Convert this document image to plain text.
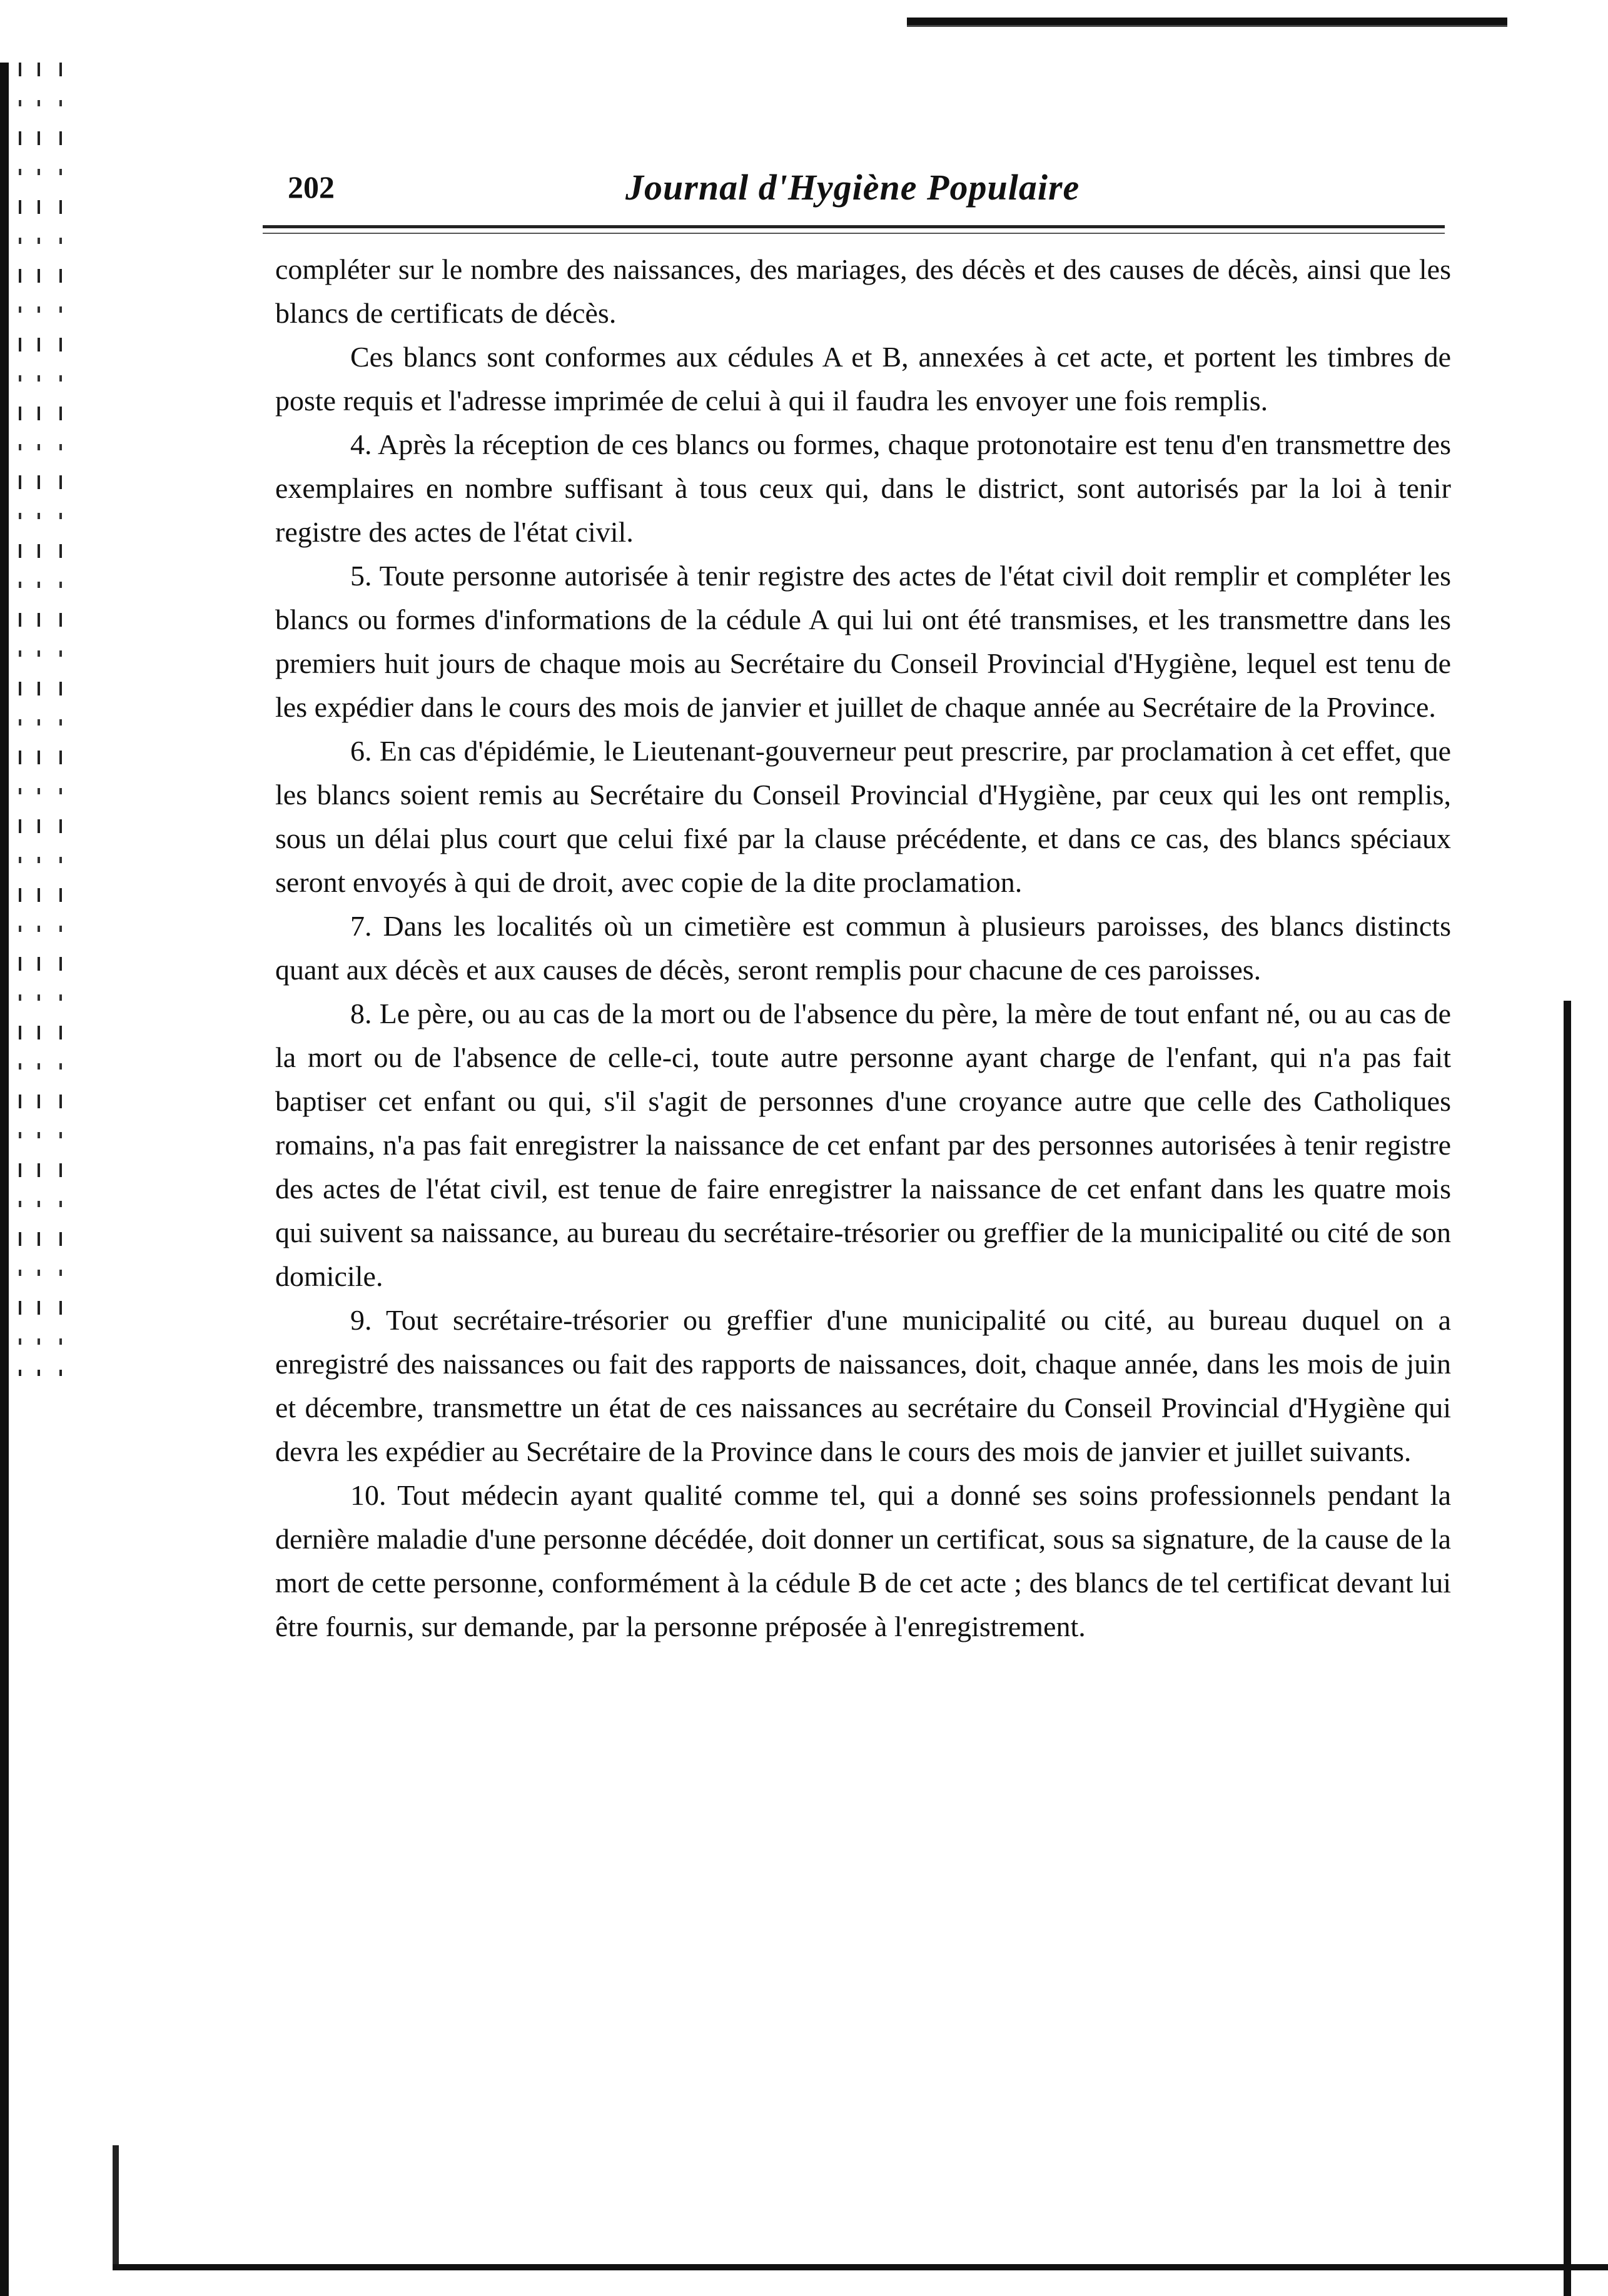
202	Journal d'Hygiène Populaire

compléter sur le nombre des naissances, des mariages, des décès et des causes de décès, ainsi que les blancs de certificats de décès.

Ces blancs sont conformes aux cédules A et B, annexées à cet acte, et portent les timbres de poste requis et l'adresse imprimée de celui à qui il faudra les envoyer une fois remplis.

4. Après la réception de ces blancs ou formes, chaque protonotaire est tenu d'en transmettre des exemplaires en nombre suffisant à tous ceux qui, dans le district, sont autorisés par la loi à tenir registre des actes de l'état civil.

5. Toute personne autorisée à tenir registre des actes de l'état civil doit remplir et compléter les blancs ou formes d'informations de la cédule A qui lui ont été transmises, et les transmettre dans les premiers huit jours de chaque mois au Secrétaire du Conseil Provincial d'Hygiène, lequel est tenu de les expédier dans le cours des mois de janvier et juillet de chaque année au Secrétaire de la Province.

6. En cas d'épidémie, le Lieutenant-gouverneur peut prescrire, par proclamation à cet effet, que les blancs soient remis au Secrétaire du Conseil Provincial d'Hygiène, par ceux qui les ont remplis, sous un délai plus court que celui fixé par la clause précédente, et dans ce cas, des blancs spéciaux seront envoyés à qui de droit, avec copie de la dite proclamation.

7. Dans les localités où un cimetière est commun à plusieurs paroisses, des blancs distincts quant aux décès et aux causes de décès, seront remplis pour chacune de ces paroisses.

8. Le père, ou au cas de la mort ou de l'absence du père, la mère de tout enfant né, ou au cas de la mort ou de l'absence de celle-ci, toute autre personne ayant charge de l'enfant, qui n'a pas fait baptiser cet enfant ou qui, s'il s'agit de personnes d'une croyance autre que celle des Catholiques romains, n'a pas fait enregistrer la naissance de cet enfant par des personnes autorisées à tenir registre des actes de l'état civil, est tenue de faire enregistrer la naissance de cet enfant dans les quatre mois qui suivent sa naissance, au bureau du secrétaire-trésorier ou greffier de la municipalité ou cité de son domicile.

9. Tout secrétaire-trésorier ou greffier d'une municipalité ou cité, au bureau duquel on a enregistré des naissances ou fait des rapports de naissances, doit, chaque année, dans les mois de juin et décembre, transmettre un état de ces naissances au secrétaire du Conseil Provincial d'Hygiène qui devra les expédier au Secrétaire de la Province dans le cours des mois de janvier et juillet suivants.

10. Tout médecin ayant qualité comme tel, qui a donné ses soins professionnels pendant la dernière maladie d'une personne décédée, doit donner un certificat, sous sa signature, de la cause de la mort de cette personne, conformément à la cédule B de cet acte ; des blancs de tel certificat devant lui être fournis, sur demande, par la personne préposée à l'enregistrement.
